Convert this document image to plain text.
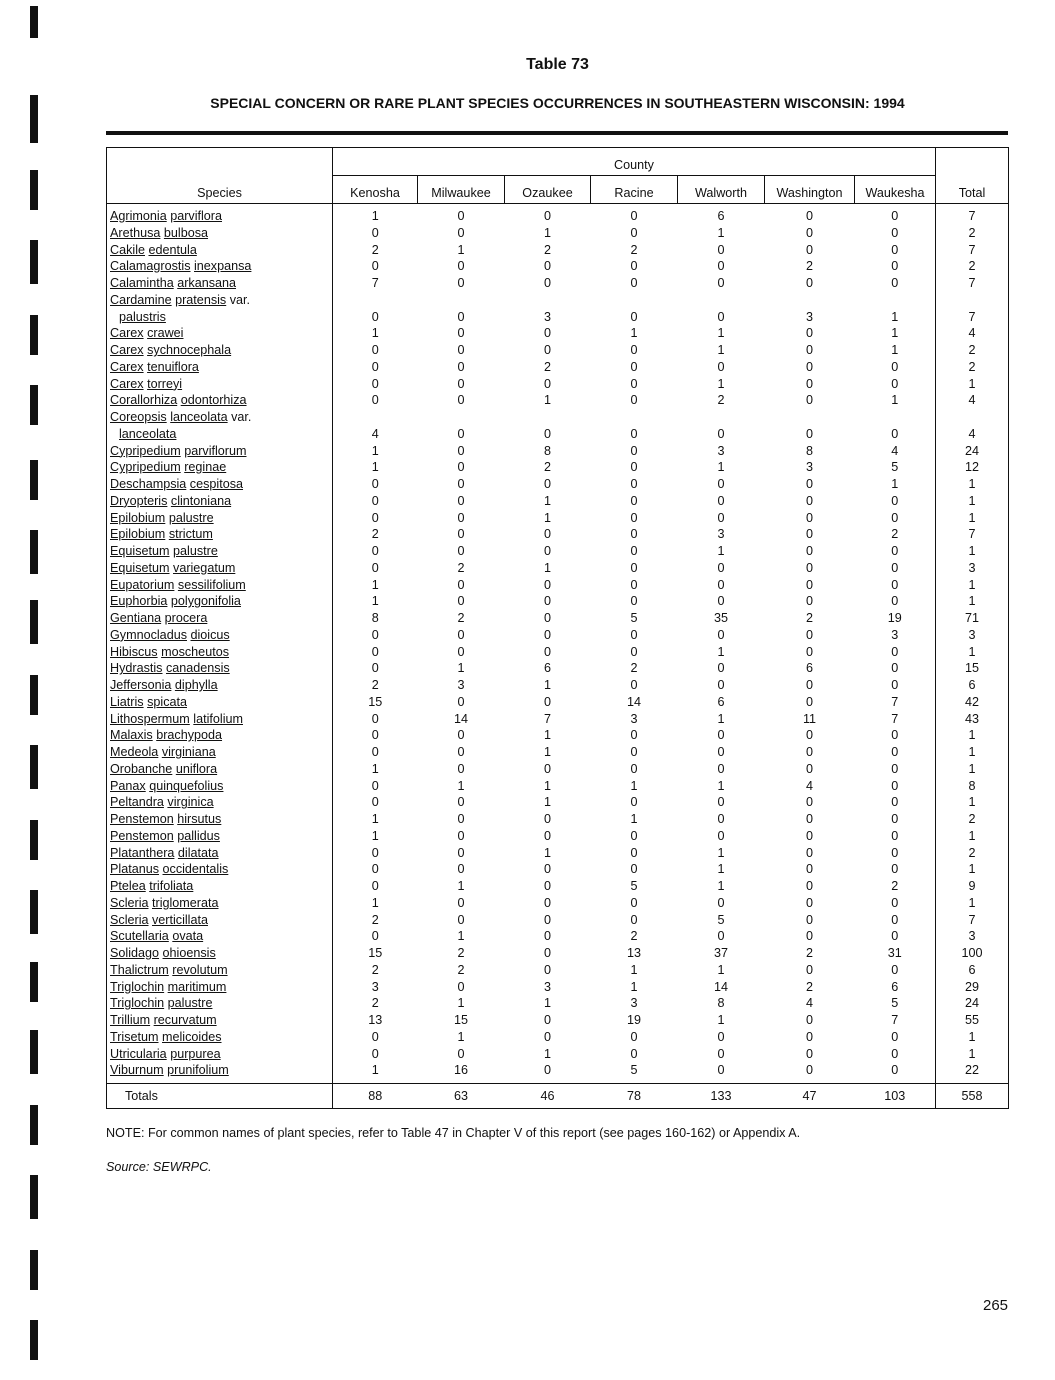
Table 73
SPECIAL CONCERN OR RARE PLANT SPECIES OCCURRENCES IN SOUTHEASTERN WISCONSIN: 1994
	County							
Species	Kenosha	Milwaukee	Ozaukee	Racine	Walworth	Washington	Waukesha	Total
Agrimonia parviflora	1	0	0	0	6	0	0	7
Arethusa bulbosa	0	0	1	0	1	0	0	2
Cakile edentula	2	1	2	2	0	0	0	7
Calamagrostis inexpansa	0	0	0	0	0	2	0	2
Calamintha arkansana	7	0	0	0	0	0	0	7
Cardamine pratensis var.								
palustris	0	0	3	0	0	3	1	7
Carex crawei	1	0	0	1	1	0	1	4
Carex sychnocephala	0	0	0	0	1	0	1	2
Carex tenuiflora	0	0	2	0	0	0	0	2
Carex torreyi	0	0	0	0	1	0	0	1
Corallorhiza odontorhiza	0	0	1	0	2	0	1	4
Coreopsis lanceolata var.								
lanceolata	4	0	0	0	0	0	0	4
Cypripedium parviflorum	1	0	8	0	3	8	4	24
Cypripedium reginae	1	0	2	0	1	3	5	12
Deschampsia cespitosa	0	0	0	0	0	0	1	1
Dryopteris clintoniana	0	0	1	0	0	0	0	1
Epilobium palustre	0	0	1	0	0	0	0	1
Epilobium strictum	2	0	0	0	3	0	2	7
Equisetum palustre	0	0	0	0	1	0	0	1
Equisetum variegatum	0	2	1	0	0	0	0	3
Eupatorium sessilifolium	1	0	0	0	0	0	0	1
Euphorbia polygonifolia	1	0	0	0	0	0	0	1
Gentiana procera	8	2	0	5	35	2	19	71
Gymnocladus dioicus	0	0	0	0	0	0	3	3
Hibiscus moscheutos	0	0	0	0	1	0	0	1
Hydrastis canadensis	0	1	6	2	0	6	0	15
Jeffersonia diphylla	2	3	1	0	0	0	0	6
Liatris spicata	15	0	0	14	6	0	7	42
Lithospermum latifolium	0	14	7	3	1	11	7	43
Malaxis brachypoda	0	0	1	0	0	0	0	1
Medeola virginiana	0	0	1	0	0	0	0	1
Orobanche uniflora	1	0	0	0	0	0	0	1
Panax quinquefolius	0	1	1	1	1	4	0	8
Peltandra virginica	0	0	1	0	0	0	0	1
Penstemon hirsutus	1	0	0	1	0	0	0	2
Penstemon pallidus	1	0	0	0	0	0	0	1
Platanthera dilatata	0	0	1	0	1	0	0	2
Platanus occidentalis	0	0	0	0	1	0	0	1
Ptelea trifoliata	0	1	0	5	1	0	2	9
Scleria triglomerata	1	0	0	0	0	0	0	1
Scleria verticillata	2	0	0	0	5	0	0	7
Scutellaria ovata	0	1	0	2	0	0	0	3
Solidago ohioensis	15	2	0	13	37	2	31	100
Thalictrum revolutum	2	2	0	1	1	0	0	6
Triglochin maritimum	3	0	3	1	14	2	6	29
Triglochin palustre	2	1	1	3	8	4	5	24
Trillium recurvatum	13	15	0	19	1	0	7	55
Trisetum melicoides	0	1	0	0	0	0	0	1
Utricularia purpurea	0	0	1	0	0	0	0	1
Viburnum prunifolium	1	16	0	5	0	0	0	22
Totals	88	63	46	78	133	47	103	558
NOTE: For common names of plant species, refer to Table 47 in Chapter V of this report (see pages 160-162) or Appendix A.
Source: SEWRPC.
265
